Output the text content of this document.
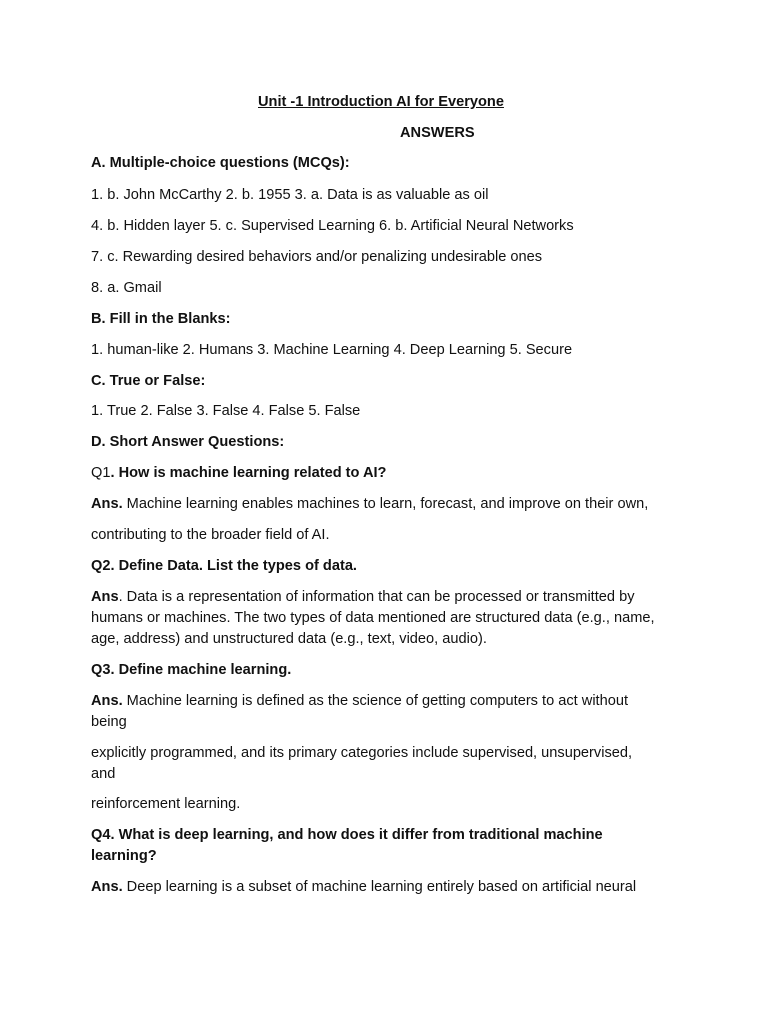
Unit -1 Introduction AI for Everyone
ANSWERS
A. Multiple-choice questions (MCQs):
1. b. John McCarthy 2. b. 1955 3. a. Data is as valuable as oil
4. b. Hidden layer 5. c. Supervised Learning 6. b. Artificial Neural Networks
7. c. Rewarding desired behaviors and/or penalizing undesirable ones
8. a. Gmail
B. Fill in the Blanks:
1. human-like 2. Humans 3. Machine Learning 4. Deep Learning 5. Secure
C. True or False:
1. True 2. False 3. False 4. False 5. False
D. Short Answer Questions:
Q1. How is machine learning related to AI?
Ans. Machine learning enables machines to learn, forecast, and improve on their own,
contributing to the broader field of AI.
Q2. Define Data. List the types of data.
Ans. Data is a representation of information that can be processed or transmitted by humans or machines. The two types of data mentioned are structured data (e.g., name, age, address) and unstructured data (e.g., text, video, audio).
Q3. Define machine learning.
Ans. Machine learning is defined as the science of getting computers to act without
being
explicitly programmed, and its primary categories include supervised, unsupervised,
and
reinforcement learning.
Q4. What is deep learning, and how does it differ from traditional machine learning?
Ans. Deep learning is a subset of machine learning entirely based on artificial neural
